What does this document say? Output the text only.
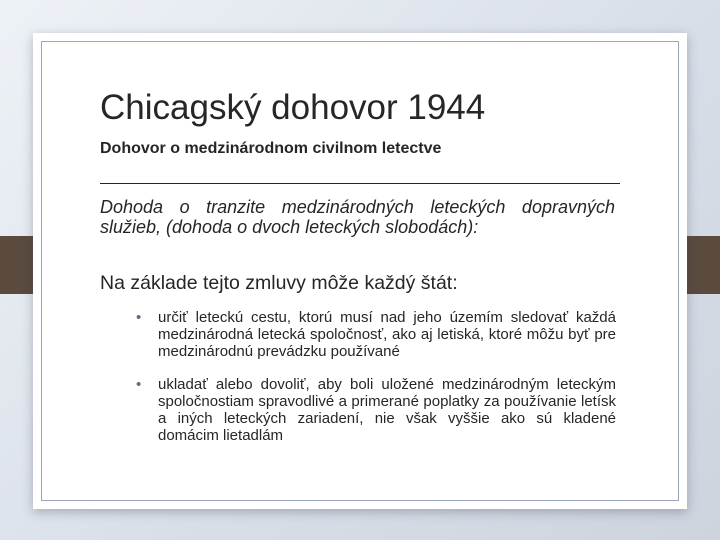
Chicagský dohovor 1944
Dohovor o medzinárodnom civilnom letectve
Dohoda o tranzite medzinárodných leteckých dopravných služieb, (dohoda o dvoch leteckých slobodách):
Na základe tejto zmluvy môže každý štát:
• určiť leteckú cestu, ktorú musí nad jeho územím sledovať každá medzinárodná letecká spoločnosť, ako aj letiská, ktoré môžu byť pre medzinárodnú prevádzku používané
• ukladať alebo dovoliť, aby boli uložené medzinárodným leteckým spoločnostiam spravodlivé a primerané poplatky za používanie letísk a iných leteckých zariadení, nie však vyššie ako sú kladené domácim lietadlám
